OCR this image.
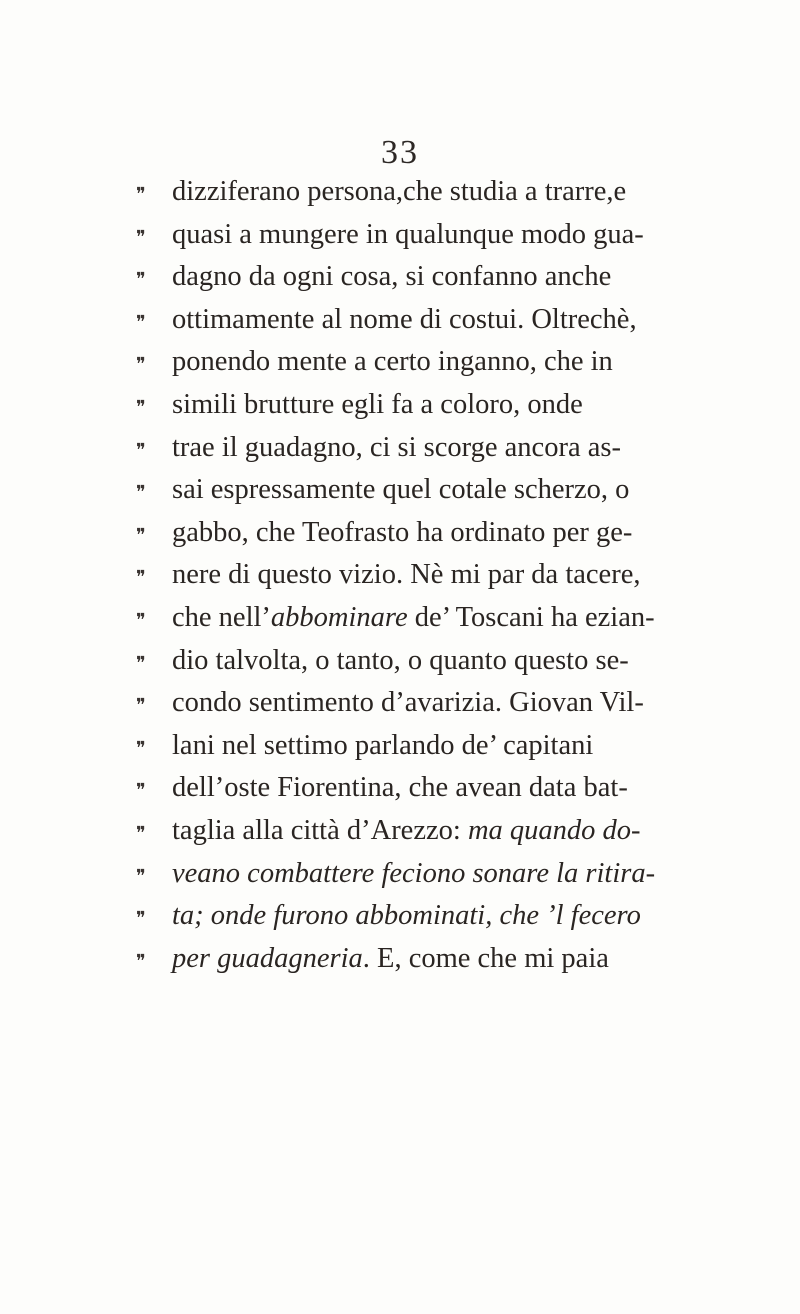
33
❞ dizziferano persona,che studia a trarre,e
❞ quasi a mungere in qualunque modo gua-
❞ dagno da ogni cosa, si confanno anche
❞ ottimamente al nome di costui. Oltrechè,
❞ ponendo mente a certo inganno, che in
❞ simili brutture egli fa a coloro, onde
❞ trae il guadagno, ci si scorge ancora as-
❞ sai espressamente quel cotale scherzo, o
❞ gabbo, che Teofrasto ha ordinato per ge-
❞ nere di questo vizio. Nè mi par da tacere,
❞ che nell’abbominare de’ Toscani ha ezian-
❞ dio talvolta, o tanto, o quanto questo se-
❞ condo sentimento d’avarizia. Giovan Vil-
❞ lani nel settimo parlando de’ capitani
❞ dell’oste Fiorentina, che avean data bat-
❞ taglia alla città d’Arezzo: ma quando do-
❞ veano combattere feciono sonare la ritira-
❞ ta; onde furono abbominati, che ’l fecero
❞ per guadagneria. E, come che mi paia
